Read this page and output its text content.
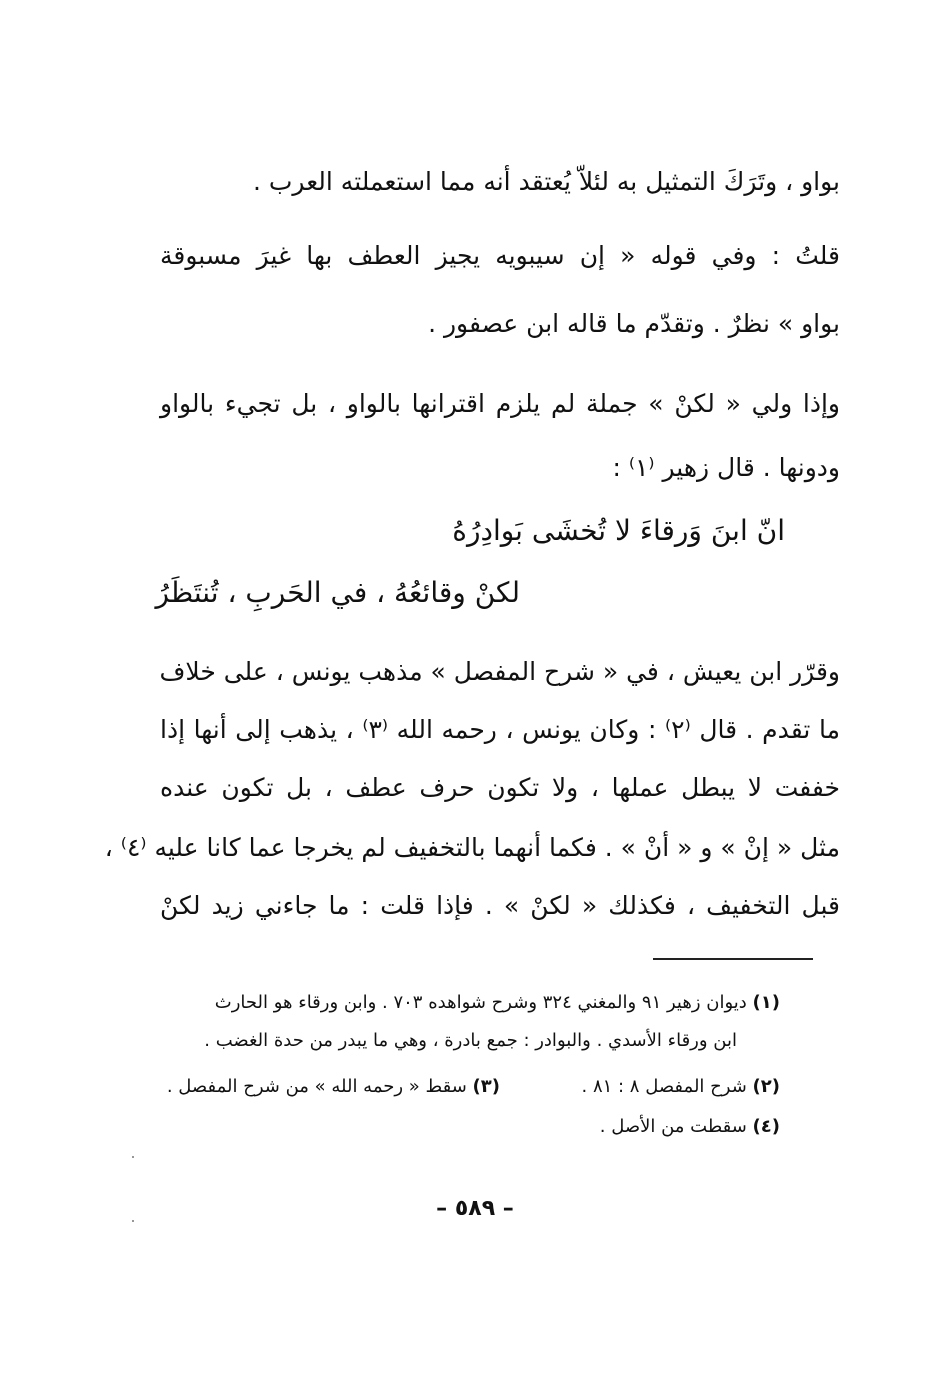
بواو ، وتَرَكَ التمثيل به لئلاّ يُعتقد أنه مما استعملته العرب .
قلتُ : وفي قوله « إن سيبويه يجيز العطف بها غيرَ مسبوقة
بواو » نظرٌ . وتقدّم ما قاله ابن عصفور .
وإذا ولي « لكنْ » جملة لم يلزم اقترانها بالواو ، بل تجيء بالواو
ودونها . قال زهير ⁽١⁾ :
انّ ابنَ وَرقاءَ لا تُخشَى بَوادِرُهُ
لكنْ وقائعُهُ ، في الحَربِ ، تُنتَظَرُ
وقرّر ابن يعيش ، في « شرح المفصل » مذهب يونس ، على خلاف
ما تقدم . قال ⁽٢⁾ : وكان يونس ، رحمه الله ⁽٣⁾ ، يذهب إلى أنها إذا
خففت لا يبطل عملها ، ولا تكون حرف عطف ، بل تكون عنده
مثل « إنْ » و « أنْ » . فكما أنهما بالتخفيف لم يخرجا عما كانا عليه ⁽٤⁾ ،
قبل التخفيف ، فكذلك « لكنْ » . فإذا قلت : ما جاءني زيد لكنْ
(١) ديوان زهير ٩١ والمغني ٣٢٤ وشرح شواهده ٧٠٣ . وابن ورقاء هو الحارث
ابن ورقاء الأسدي . والبوادر : جمع بادرة ، وهي ما يبدر من حدة الغضب .
(٢) شرح المفصل ٨ : ٨١ .
(٣) سقط « رحمه الله » من شرح المفصل .
(٤) سقطت من الأصل .
– ٥٨٩ –
